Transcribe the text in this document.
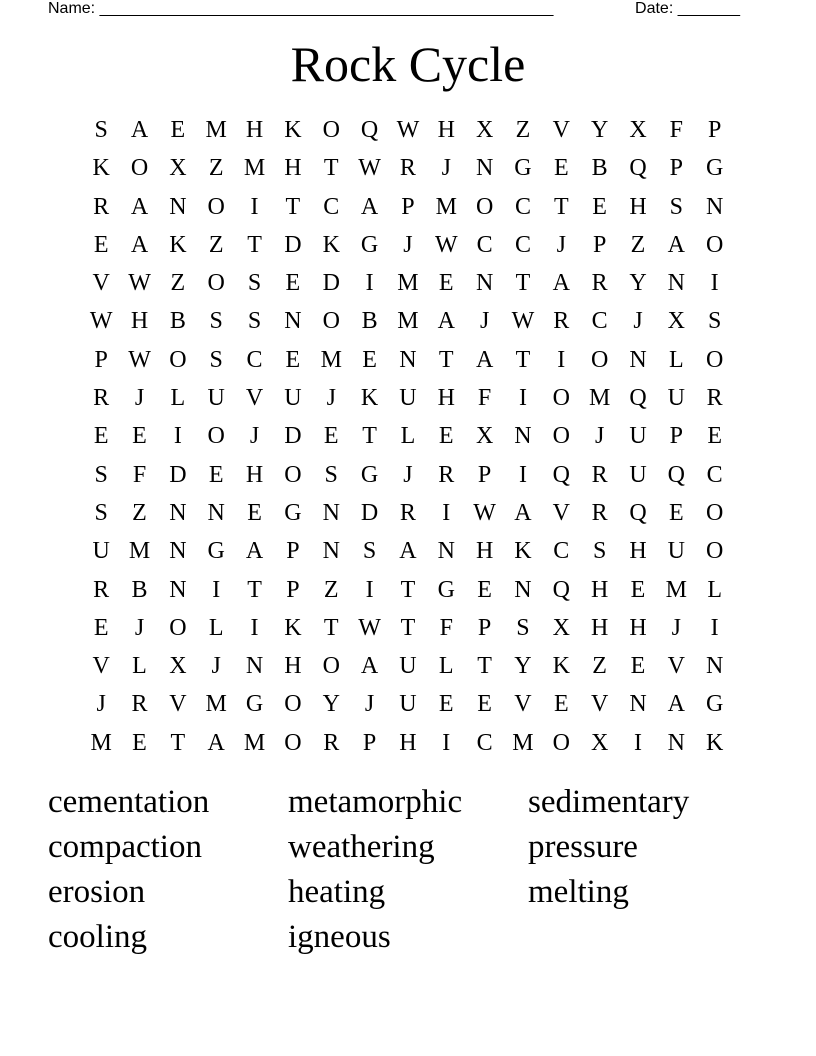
Name: ___________________________________________________	Date: _______
Rock Cycle
S A E M H K O Q W H X Z V Y X F	P
K O X Z M H T W R	J	N G E B Q P G
R A N O	I	T C A P M O C T E H S N
E A K Z T D K G	J W C C	J	P	Z A O
V W Z O S	E D	I M E N T A R Y N	I
W H B S	S N O B M A	J W R C	J	X S
P W O S C E M E N T A T	I	O N L O
R	J	L U V U	J	K U H F	I	O M Q U R
E E	I	O	J	D E T L E X N O	J	U P	E
S	F D E H O S G	J	R P	I	Q R U Q C
S	Z N N E G N D R	I W A V R Q E O
U M N G A P N S A N H K C S H U O
R B N	I	T	P	Z	I	T G E N Q H E M L
E	J	O L	I	K T W T	F	P	S X H H	J	I
V L X	J	N H O A U L T Y K Z E V N
J	R V M G O Y	J	U E E V E V N A G
M E T A M O R P H	I	C M O X	I	N K
cementation
compaction
erosion
cooling
metamorphic
weathering
heating
igneous
sedimentary
pressure
melting
